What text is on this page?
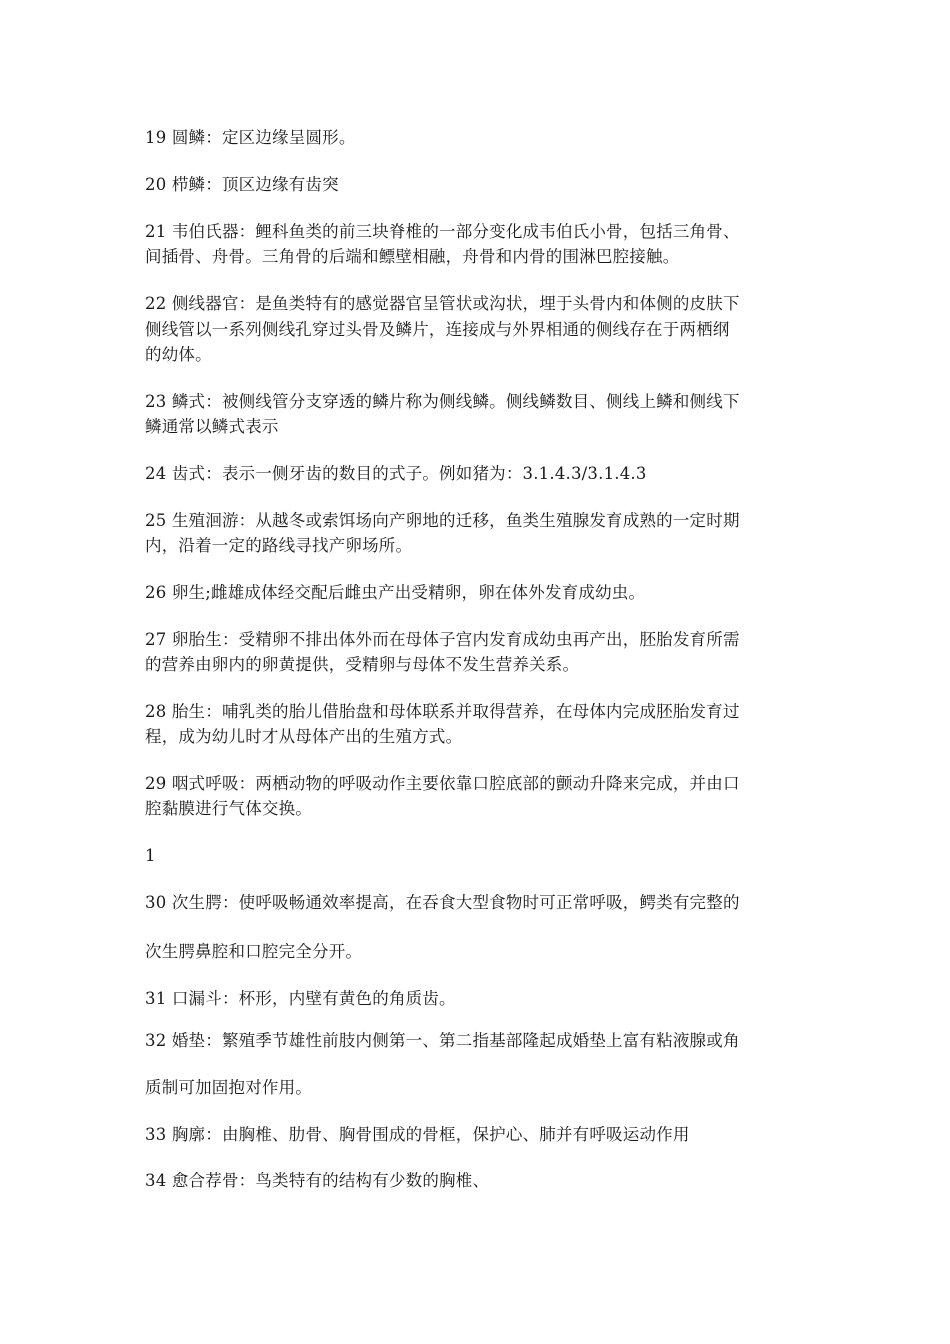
19 圆鳞：定区边缘呈圆形。
20 栉鳞：顶区边缘有齿突
21 韦伯氏器：鲤科鱼类的前三块脊椎的一部分变化成韦伯氏小骨，包括三角骨、
间插骨、舟骨。三角骨的后端和鳔壁相融，舟骨和内骨的围淋巴腔接触。
22 侧线器官：是鱼类特有的感觉器官呈管状或沟状，埋于头骨内和体侧的皮肤下
侧线管以一系列侧线孔穿过头骨及鳞片，连接成与外界相通的侧线存在于两栖纲
的幼体。
23 鳞式：被侧线管分支穿透的鳞片称为侧线鳞。侧线鳞数目、侧线上鳞和侧线下
鳞通常以鳞式表示
24 齿式：表示一侧牙齿的数目的式子。例如猪为：3.1.4.3/3.1.4.3
25 生殖洄游：从越冬或索饵场向产卵地的迁移，鱼类生殖腺发育成熟的一定时期
内，沿着一定的路线寻找产卵场所。
26 卵生;雌雄成体经交配后雌虫产出受精卵，卵在体外发育成幼虫。
27 卵胎生：受精卵不排出体外而在母体子宫内发育成幼虫再产出，胚胎发育所需
的营养由卵内的卵黄提供，受精卵与母体不发生营养关系。
28 胎生：哺乳类的胎儿借胎盘和母体联系并取得营养，在母体内完成胚胎发育过
程，成为幼儿时才从母体产出的生殖方式。
29 咽式呼吸：两栖动物的呼吸动作主要依靠口腔底部的颤动升降来完成，并由口
腔黏膜进行气体交换。
1
30 次生腭：使呼吸畅通效率提高，在吞食大型食物时可正常呼吸，鳄类有完整的
次生腭鼻腔和口腔完全分开。
31 口漏斗：杯形，内壁有黄色的角质齿。
32 婚垫：繁殖季节雄性前肢内侧第一、第二指基部隆起成婚垫上富有粘液腺或角
质制可加固抱对作用。
33 胸廓：由胸椎、肋骨、胸骨围成的骨框，保护心、肺并有呼吸运动作用
34 愈合荐骨：鸟类特有的结构有少数的胸椎、
